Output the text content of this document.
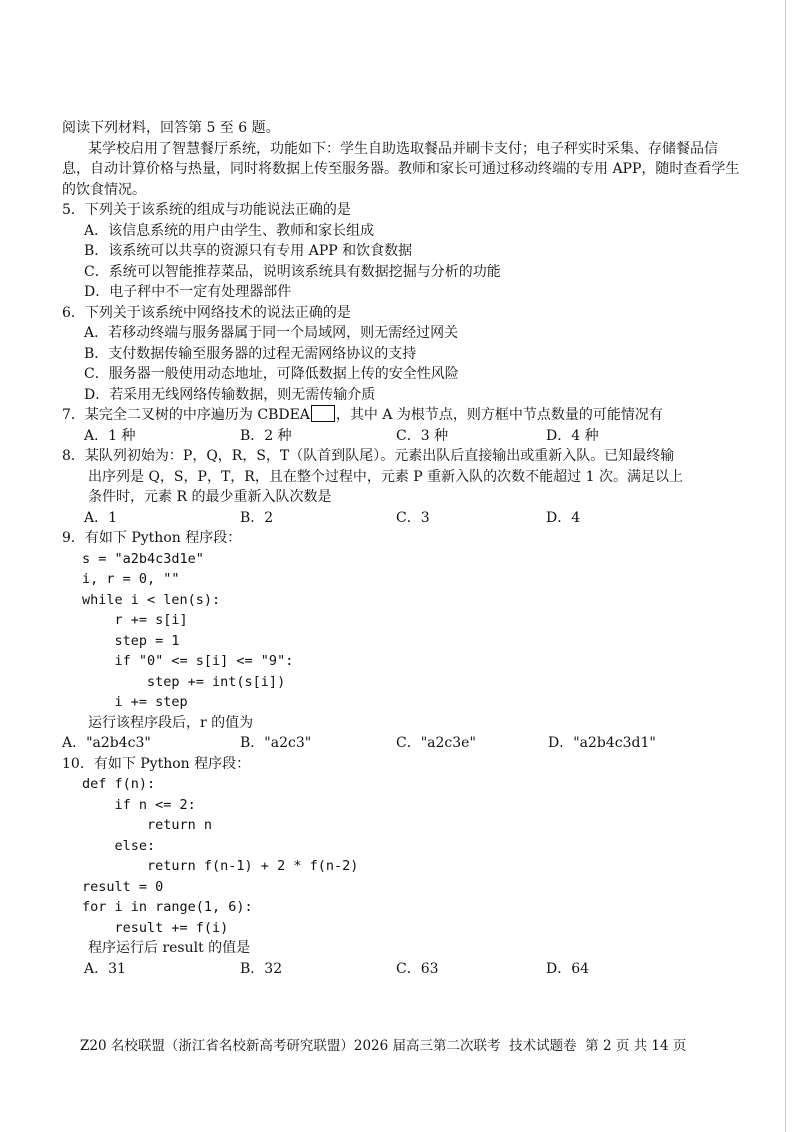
阅读下列材料，回答第 5 至 6 题。
某学校启用了智慧餐厅系统，功能如下：学生自助选取餐品并刷卡支付；电子秤实时采集、存储餐品信息，自动计算价格与热量，同时将数据上传至服务器。教师和家长可通过移动终端的专用 APP，随时查看学生的饮食情况。
5．下列关于该系统的组成与功能说法正确的是
A．该信息系统的用户由学生、教师和家长组成
B．该系统可以共享的资源只有专用 APP 和饮食数据
C．系统可以智能推荐菜品，说明该系统具有数据挖掘与分析的功能
D．电子秤中不一定有处理器部件
6．下列关于该系统中网络技术的说法正确的是
A．若移动终端与服务器属于同一个局域网，则无需经过网关
B．支付数据传输至服务器的过程无需网络协议的支持
C．服务器一般使用动态地址，可降低数据上传的安全性风险
D．若采用无线网络传输数据，则无需传输介质
7．某完全二叉树的中序遍历为 CBDEA ，其中 A 为根节点，则方框中节点数量的可能情况有
A．1 种	B．2 种	C．3 种	D．4 种
8．某队列初始为：P，Q，R，S，T（队首到队尾）。元素出队后直接输出或重新入队。已知最终输
出序列是 Q，S，P，T，R，且在整个过程中，元素 P 重新入队的次数不能超过 1 次。满足以上
条件时，元素 R 的最少重新入队次数是
A．1	B．2	C．3	D．4
9．有如下 Python 程序段：
s = "a2b4c3d1e"
i, r = 0, ""
while i < len(s):
r += s[i]
step = 1
if "0" <= s[i] <= "9":
step += int(s[i])
i += step
运行该程序段后，r 的值为
A．"a2b4c3"	B．"a2c3"	C．"a2c3e"	D．"a2b4c3d1"
10．有如下 Python 程序段：
def f(n):
if n <= 2:
return n
else:
return f(n-1) + 2 * f(n-2)
result = 0
for i in range(1, 6):
result += f(i)
程序运行后 result 的值是
A．31	B．32	C．63	D．64
Z20 名校联盟（浙江省名校新高考研究联盟）2026 届高三第二次联考  技术试题卷  第 2 页 共 14 页
